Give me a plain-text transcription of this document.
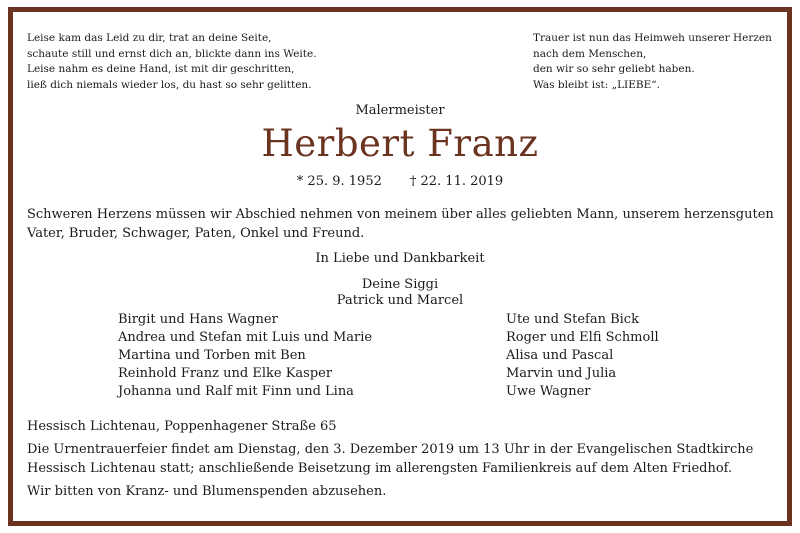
Leise kam das Leid zu dir, trat an deine Seite,
schaute still und ernst dich an, blickte dann ins Weite.
Leise nahm es deine Hand, ist mit dir geschritten,
ließ dich niemals wieder los, du hast so sehr gelitten.
Trauer ist nun das Heimweh unserer Herzen
nach dem Menschen,
den wir so sehr geliebt haben.
Was bleibt ist: „LIEBE“.
Malermeister
Herbert Franz
* 25. 9. 1952 † 22. 11. 2019
Schweren Herzens müssen wir Abschied nehmen von meinem über alles geliebten Mann, unserem herzensguten Vater, Bruder, Schwager, Paten, Onkel und Freund.
In Liebe und Dankbarkeit
Deine Siggi
Patrick und Marcel
Birgit und Hans Wagner
Andrea und Stefan mit Luis und Marie
Martina und Torben mit Ben
Reinhold Franz und Elke Kasper
Johanna und Ralf mit Finn und Lina
Ute und Stefan Bick
Roger und Elfi Schmoll
Alisa und Pascal
Marvin und Julia
Uwe Wagner
Hessisch Lichtenau, Poppenhagener Straße 65
Die Urnentrauerfeier findet am Dienstag, den 3. Dezember 2019 um 13 Uhr in der Evangelischen Stadtkirche Hessisch Lichtenau statt; anschließende Beisetzung im allerengsten Familienkreis auf dem Alten Friedhof.
Wir bitten von Kranz- und Blumenspenden abzusehen.
